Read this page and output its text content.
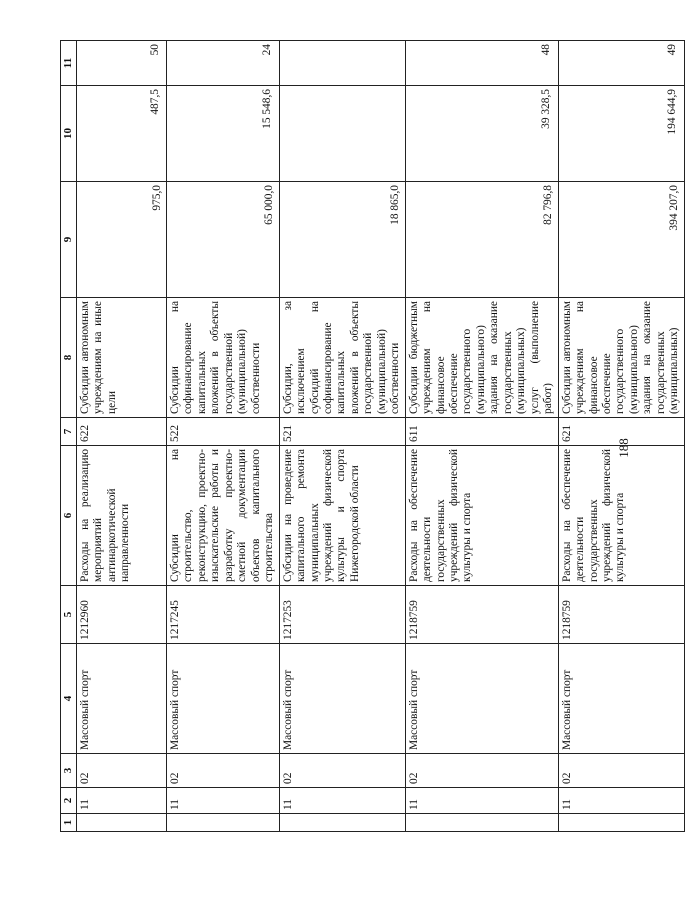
188
1	2	3	4	5	6	7	8	9	10	11
	11	02	Массовый спорт	1212960	Расходы на реализацию мероприятий антинаркотической направленности	622	Субсидии автономным учреждениям на иные цели	975,0	487,5	50
	11	02	Массовый спорт	1217245	Субсидии на строительство, реконструкцию, проектно-изыскательские работы и разработку проектно-сметной документации объектов капитального строительства	522	Субсидии на софинансирование капитальных вложений в объекты государственной (муниципальной) собственности	65 000,0	15 548,6	24
	11	02	Массовый спорт	1217253	Субсидии на проведение капитального ремонта муниципальных учреждений физической культуры и спорта Нижегородской области	521	Субсидии, за исключением субсидий на софинансирование капитальных вложений в объекты государственной (муниципальной) собственности	18 865,0		
	11	02	Массовый спорт	1218759	Расходы на обеспечение деятельности государственных учреждений физической культуры и спорта	611	Субсидии бюджетным учреждениям на финансовое обеспечение государственного (муниципального) задания на оказание государственных (муниципальных) услуг (выполнение работ)	82 796,8	39 328,5	48
	11	02	Массовый спорт	1218759	Расходы на обеспечение деятельности государственных учреждений физической культуры и спорта	621	Субсидии автономным учреждениям на финансовое обеспечение государственного (муниципального) задания на оказание государственных (муниципальных)	394 207,0	194 644,9	49
